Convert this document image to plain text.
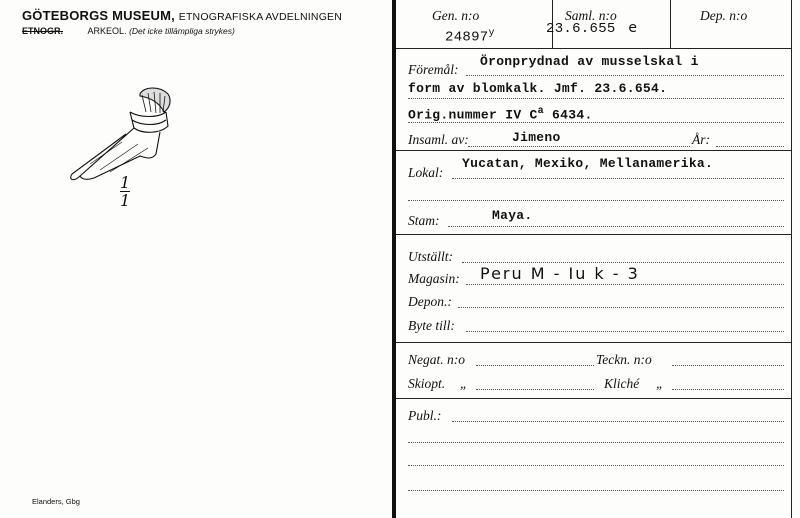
GÖTEBORGS MUSEUM, ETNOGRAFISKA AVDELNINGEN
ETNOGR.	ARKEOL. (Det icke tillämpliga strykes)
1
1
Elanders, Gbg
Gen. n:o
24897$^y$
Saml. n:o
23.6.655 e
Dep. n:o
Föremål:
Öronprydnad av musselskal i
form av blomkalk. Jmf. 23.6.654.
Orig.nummer IV $C^a$ 6434.
Insaml. av:	Jimeno	År:
Lokal:
Yucatan, Mexiko, Mellanamerika.
Stam:	Maya.
Utställt:
Magasin: Peru M - Iu k - 3
Depon.:
Byte till:
Negat. n:o	Teckn. n:o
Skiopt. „	Kliché „
Publ.:
